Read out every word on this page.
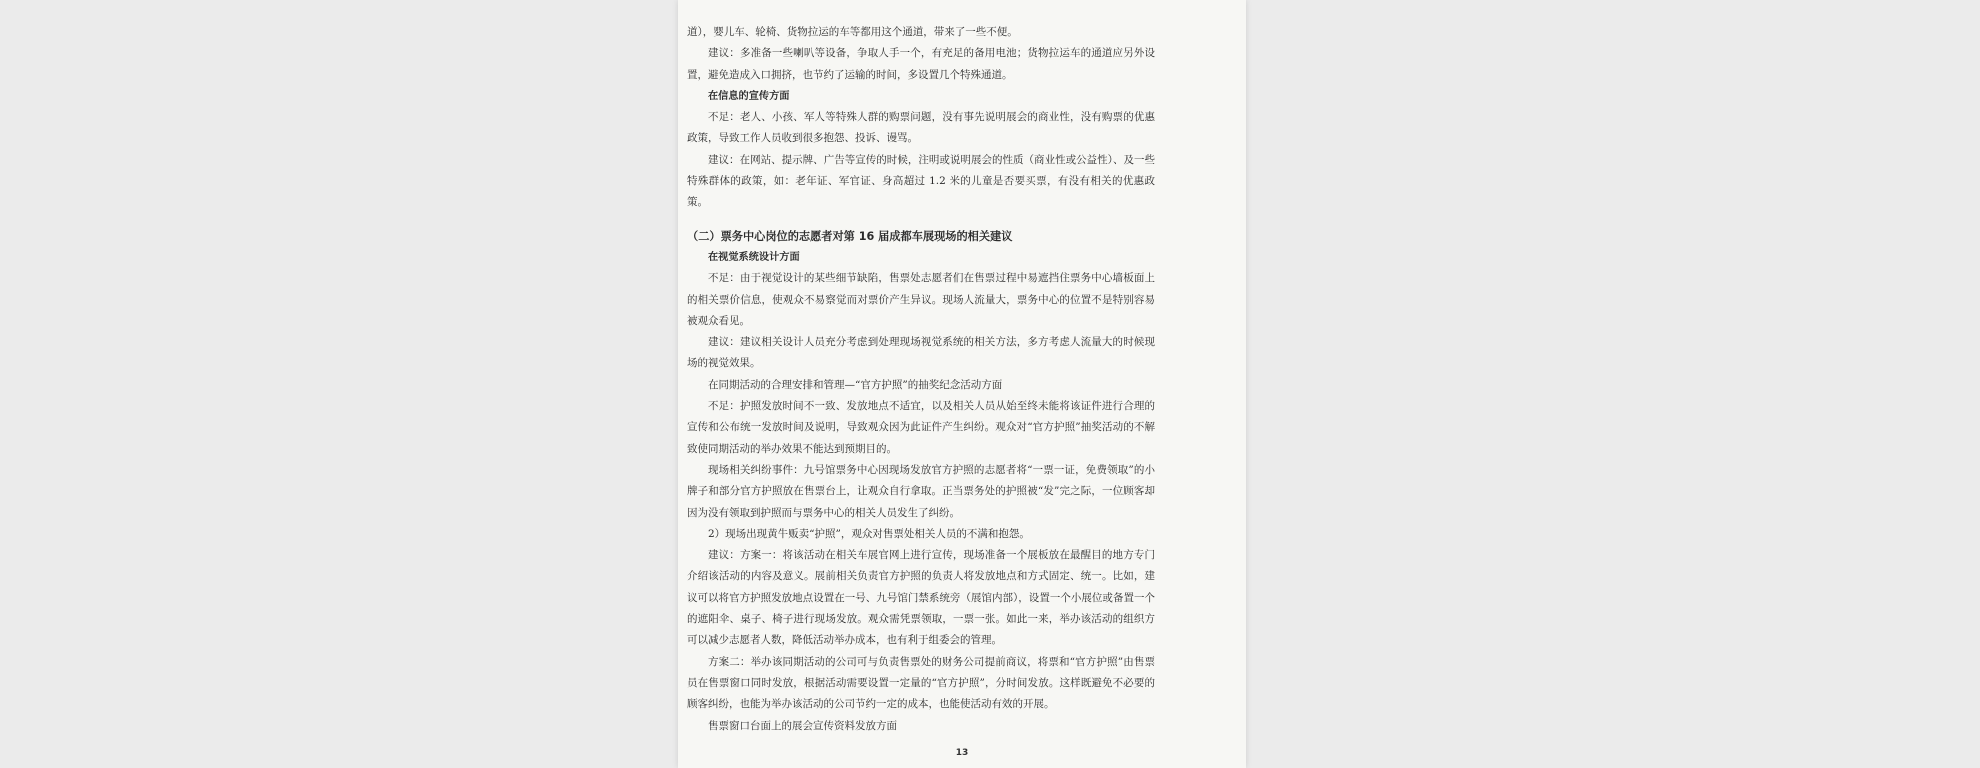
道），婴儿车、轮椅、货物拉运的车等都用这个通道，带来了一些不便。

建议：多准备一些喇叭等设备，争取人手一个，有充足的备用电池；货物拉运车的通道应另外设置，避免造成入口拥挤，也节约了运输的时间，多设置几个特殊通道。

在信息的宣传方面

不足：老人、小孩、军人等特殊人群的购票问题，没有事先说明展会的商业性，没有购票的优惠政策，导致工作人员收到很多抱怨、投诉、谩骂。

建议：在网站、提示牌、广告等宣传的时候，注明或说明展会的性质（商业性或公益性）、及一些特殊群体的政策，如：老年证、军官证、身高超过 1.2 米的儿童是否要买票，有没有相关的优惠政策。

（二）票务中心岗位的志愿者对第 16 届成都车展现场的相关建议
在视觉系统设计方面

不足：由于视觉设计的某些细节缺陷，售票处志愿者们在售票过程中易遮挡住票务中心墙板面上的相关票价信息，使观众不易察觉而对票价产生异议。现场人流量大，票务中心的位置不是特别容易被观众看见。

建议：建议相关设计人员充分考虑到处理现场视觉系统的相关方法，多方考虑人流量大的时候现场的视觉效果。

在同期活动的合理安排和管理—“官方护照”的抽奖纪念活动方面

不足：护照发放时间不一致、发放地点不适宜，以及相关人员从始至终未能将该证件进行合理的宣传和公布统一发放时间及说明，导致观众因为此证件产生纠纷。观众对“官方护照”抽奖活动的不解致使同期活动的举办效果不能达到预期目的。

现场相关纠纷事件：九号馆票务中心因现场发放官方护照的志愿者将“一票一证，免费领取”的小牌子和部分官方护照放在售票台上，让观众自行拿取。正当票务处的护照被“发”完之际，一位顾客却因为没有领取到护照而与票务中心的相关人员发生了纠纷。

2）现场出现黄牛贩卖“护照”，观众对售票处相关人员的不满和抱怨。

建议：方案一：将该活动在相关车展官网上进行宣传，现场准备一个展板放在最醒目的地方专门介绍该活动的内容及意义。展前相关负责官方护照的负责人将发放地点和方式固定、统一。比如，建议可以将官方护照发放地点设置在一号、九号馆门禁系统旁（展馆内部），设置一个小展位或备置一个的遮阳伞、桌子、椅子进行现场发放。观众需凭票领取，一票一张。如此一来，举办该活动的组织方可以减少志愿者人数，降低活动举办成本，也有利于组委会的管理。

方案二：举办该同期活动的公司可与负责售票处的财务公司提前商议，将票和“官方护照”由售票员在售票窗口同时发放，根据活动需要设置一定量的“官方护照”，分时间发放。这样既避免不必要的顾客纠纷，也能为举办该活动的公司节约一定的成本，也能使活动有效的开展。

售票窗口台面上的展会宣传资料发放方面

13
